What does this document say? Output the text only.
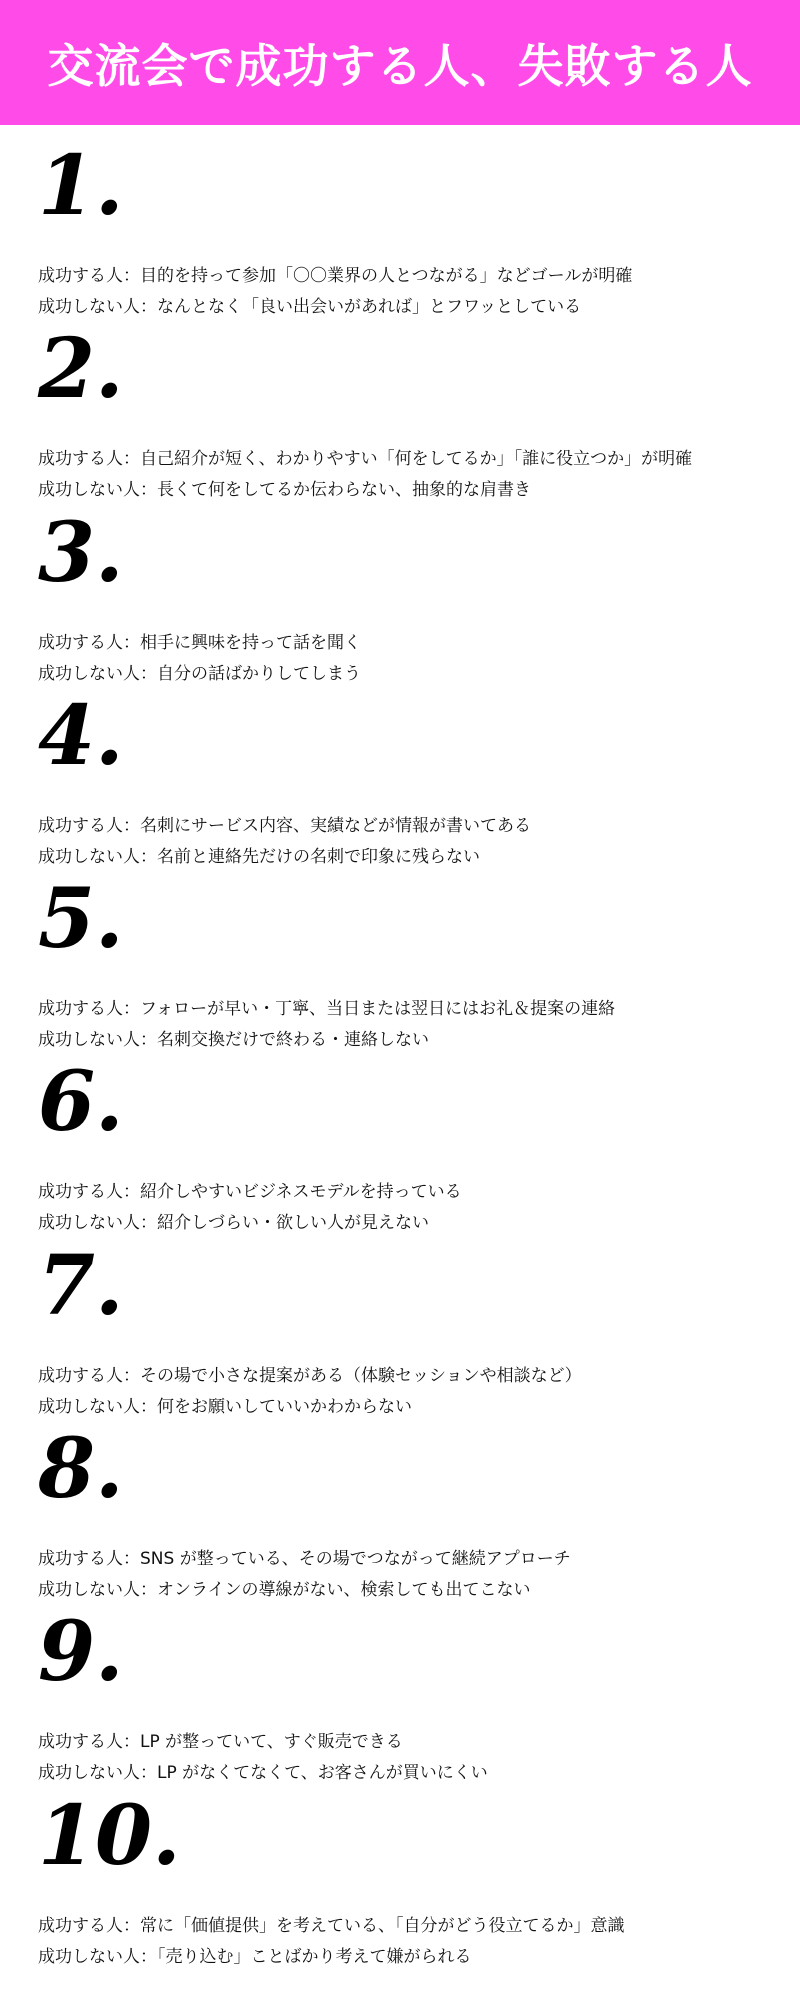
交流会で成功する人、失敗する人
1.
成功する人：目的を持って参加「〇〇業界の人とつながる」などゴールが明確
成功しない人：なんとなく「良い出会いがあれば」とフワッとしている
2.
成功する人：自己紹介が短く、わかりやすい「何をしてるか」「誰に役立つか」が明確
成功しない人：長くて何をしてるか伝わらない、抽象的な肩書き
3.
成功する人：相手に興味を持って話を聞く
成功しない人：自分の話ばかりしてしまう
4.
成功する人：名刺にサービス内容、実績などが情報が書いてある
成功しない人：名前と連絡先だけの名刺で印象に残らない
5.
成功する人：フォローが早い・丁寧、当日または翌日にはお礼＆提案の連絡
成功しない人：名刺交換だけで終わる・連絡しない
6.
成功する人：紹介しやすいビジネスモデルを持っている
成功しない人：紹介しづらい・欲しい人が見えない
7.
成功する人：その場で小さな提案がある（体験セッションや相談など）
成功しない人：何をお願いしていいかわからない
8.
成功する人：SNS が整っている、その場でつながって継続アプローチ
成功しない人：オンラインの導線がない、検索しても出てこない
9.
成功する人：LP が整っていて、すぐ販売できる
成功しない人：LP がなくてなくて、お客さんが買いにくい
10.
成功する人：常に「価値提供」を考えている、「自分がどう役立てるか」意識
成功しない人：「売り込む」ことばかり考えて嫌がられる
